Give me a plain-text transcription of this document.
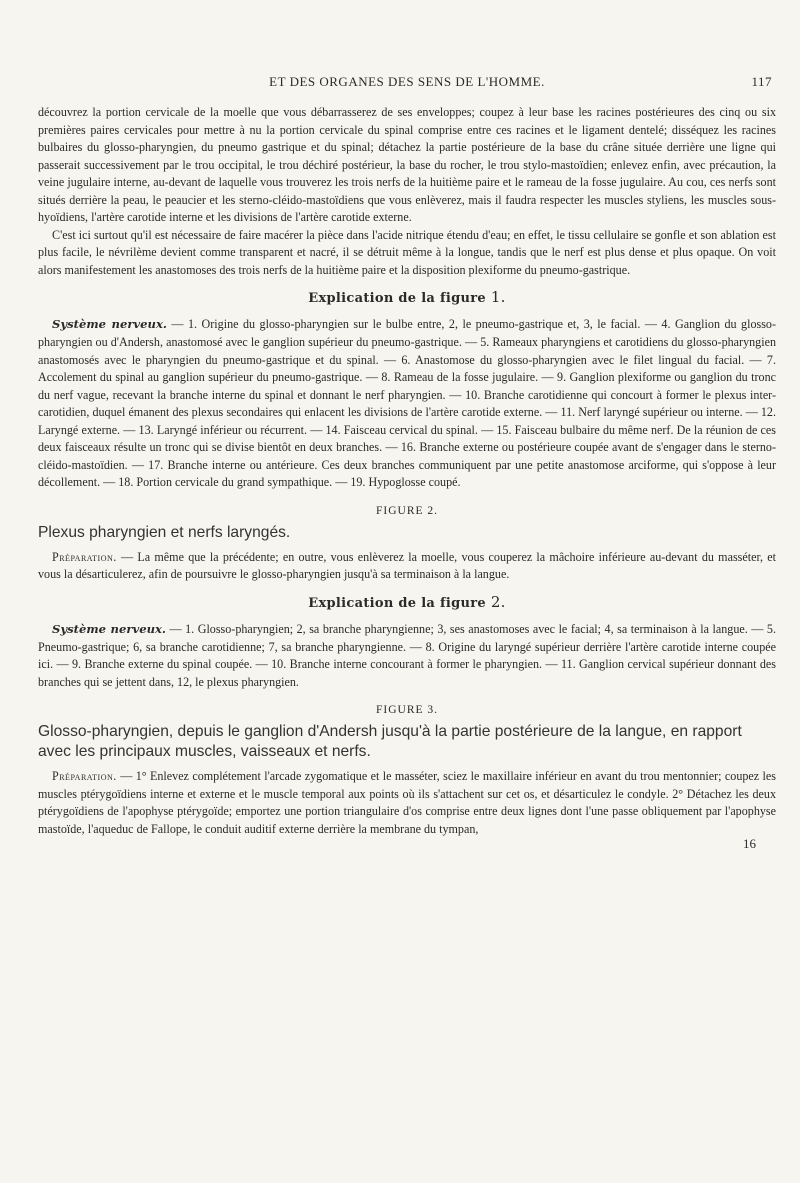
ET DES ORGANES DES SENS DE L'HOMME.	117

découvrez la portion cervicale de la moelle que vous débarrasserez de ses enveloppes; coupez à leur base les racines postérieures des cinq ou six premières paires cervicales pour mettre à nu la portion cervicale du spinal comprise entre ces racines et le ligament dentelé; disséquez les racines bulbaires du glosso-pharyngien, du pneumo gastrique et du spinal; détachez la partie postérieure de la base du crâne située derrière une ligne qui passerait successivement par le trou occipital, le trou déchiré postérieur, la base du rocher, le trou stylo-mastoïdien; enlevez enfin, avec précaution, la veine jugulaire interne, au-devant de laquelle vous trouverez les trois nerfs de la huitième paire et le rameau de la fosse jugulaire. Au cou, ces nerfs sont situés derrière la peau, le peaucier et les sterno-cléido-mastoïdiens que vous enlèverez, mais il faudra respecter les muscles styliens, les muscles sous-hyoïdiens, l'artère carotide interne et les divisions de l'artère carotide externe.

C'est ici surtout qu'il est nécessaire de faire macérer la pièce dans l'acide nitrique étendu d'eau; en effet, le tissu cellulaire se gonfle et son ablation est plus facile, le névrilème devient comme transparent et nacré, il se détruit même à la longue, tandis que le nerf est plus dense et plus opaque. On voit alors manifestement les anastomoses des trois nerfs de la huitième paire et la disposition plexiforme du pneumo-gastrique.

Explication de la figure 1.

Système nerveux. — 1. Origine du glosso-pharyngien sur le bulbe entre, 2, le pneumo-gastrique et, 3, le facial. — 4. Ganglion du glosso-pharyngien ou d'Andersh, anastomosé avec le ganglion supérieur du pneumo-gastrique. — 5. Rameaux pharyngiens et carotidiens du glosso-pharyngien anastomosés avec le pharyngien du pneumo-gastrique et du spinal. — 6. Anastomose du glosso-pharyngien avec le filet lingual du facial. — 7. Accolement du spinal au ganglion supérieur du pneumo-gastrique. — 8. Rameau de la fosse jugulaire. — 9. Ganglion plexiforme ou ganglion du tronc du nerf vague, recevant la branche interne du spinal et donnant le nerf pharyngien. — 10. Branche carotidienne qui concourt à former le plexus inter-carotidien, duquel émanent des plexus secondaires qui enlacent les divisions de l'artère carotide externe. — 11. Nerf laryngé supérieur ou interne. — 12. Laryngé externe. — 13. Laryngé inférieur ou récurrent. — 14. Faisceau cervical du spinal. — 15. Faisceau bulbaire du même nerf. De la réunion de ces deux faisceaux résulte un tronc qui se divise bientôt en deux branches. — 16. Branche externe ou postérieure coupée avant de s'engager dans le sterno-cléido-mastoïdien. — 17. Branche interne ou antérieure. Ces deux branches communiquent par une petite anastomose arciforme, qui s'oppose à leur décollement. — 18. Portion cervicale du grand sympathique. — 19. Hypoglosse coupé.

FIGURE 2.
Plexus pharyngien et nerfs laryngés.

Préparation. — La même que la précédente; en outre, vous enlèverez la moelle, vous couperez la mâchoire inférieure au-devant du masséter, et vous la désarticulerez, afin de poursuivre le glosso-pharyngien jusqu'à sa terminaison à la langue.

Explication de la figure 2.

Système nerveux. — 1. Glosso-pharyngien; 2, sa branche pharyngienne; 3, ses anastomoses avec le facial; 4, sa terminaison à la langue. — 5. Pneumo-gastrique; 6, sa branche carotidienne; 7, sa branche pharyngienne. — 8. Origine du laryngé supérieur derrière l'artère carotide interne coupée ici. — 9. Branche externe du spinal coupée. — 10. Branche interne concourant à former le pharyngien. — 11. Ganglion cervical supérieur donnant des branches qui se jettent dans, 12, le plexus pharyngien.

FIGURE 3.
Glosso-pharyngien, depuis le ganglion d'Andersh jusqu'à la partie postérieure de la langue, en rapport avec les principaux muscles, vaisseaux et nerfs.

Préparation. — 1° Enlevez complétement l'arcade zygomatique et le masséter, sciez le maxillaire inférieur en avant du trou mentonnier; coupez les muscles ptérygoïdiens interne et externe et le muscle temporal aux points où ils s'attachent sur cet os, et désarticulez le condyle. 2° Détachez les deux ptérygoïdiens de l'apophyse ptérygoïde; emportez une portion triangulaire d'os comprise entre deux lignes dont l'une passe obliquement par l'apophyse mastoïde, l'aqueduc de Fallope, le conduit auditif externe derrière la membrane du tympan,

16
